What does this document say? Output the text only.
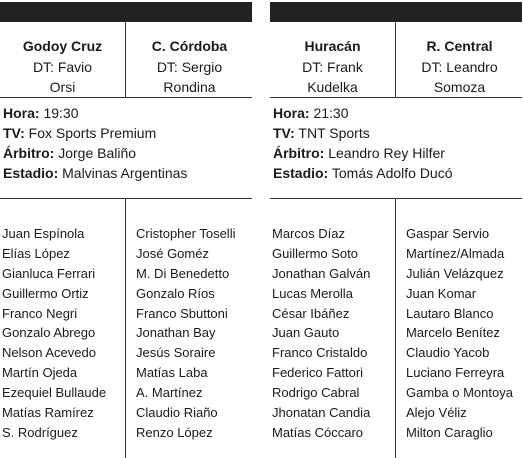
Godoy Cruz
DT: Favio
Orsi
C. Córdoba
DT: Sergio
Rondina
Hora: 19:30
TV: Fox Sports Premium
Árbitro: Jorge Baliño
Estadio: Malvinas Argentinas
Juan Espínola
Elías López
Gianluca Ferrari
Guillermo Ortiz
Franco Negri
Gonzalo Abrego
Nelson Acevedo
Martín Ojeda
Ezequiel Bullaude
Matías Ramírez
S. Rodríguez
Cristopher Toselli
José Goméz
M. Di Benedetto
Gonzalo Ríos
Franco Sbuttoni
Jonathan Bay
Jesús Soraire
Matías Laba
A. Martínez
Claudio Riaño
Renzo López
Huracán
DT: Frank
Kudelka
R. Central
DT: Leandro
Somoza
Hora: 21:30
TV: TNT Sports
Árbitro: Leandro Rey Hilfer
Estadio: Tomás Adolfo Ducó
Marcos Díaz
Guillermo Soto
Jonathan Galván
Lucas Merolla
César Ibáñez
Juan Gauto
Franco Cristaldo
Federico Fattori
Rodrigo Cabral
Jhonatan Candia
Matías Cóccaro
Gaspar Servio
Martínez/Almada
Julián Velázquez
Juan Komar
Lautaro Blanco
Marcelo Benítez
Claudio Yacob
Luciano Ferreyra
Gamba o Montoya
Alejo Véliz
Milton Caraglio
